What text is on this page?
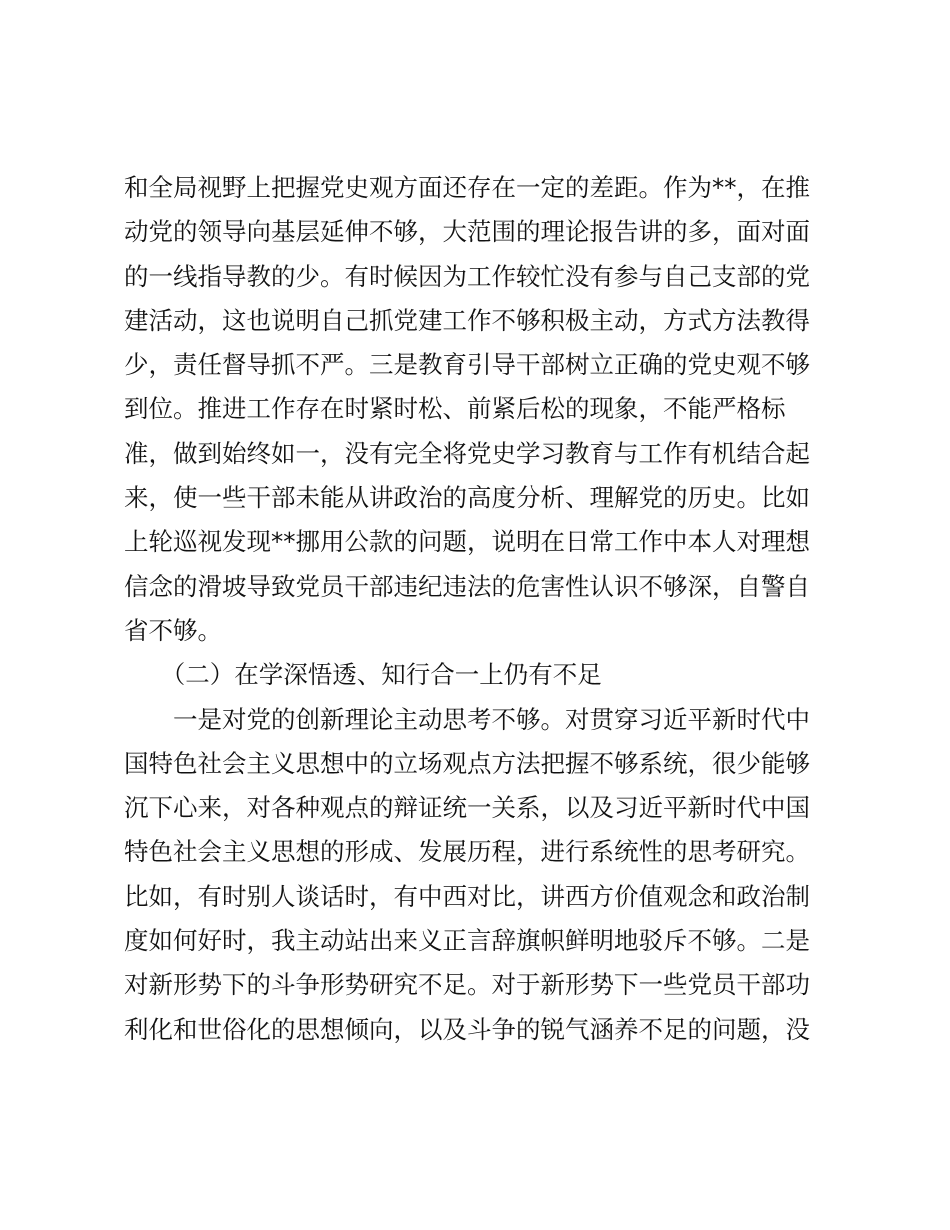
和全局视野上把握党史观方面还存在一定的差距。作为**，在推
动党的领导向基层延伸不够，大范围的理论报告讲的多，面对面
的一线指导教的少。有时候因为工作较忙没有参与自己支部的党
建活动，这也说明自己抓党建工作不够积极主动，方式方法教得
少，责任督导抓不严。三是教育引导干部树立正确的党史观不够
到位。推进工作存在时紧时松、前紧后松的现象，不能严格标
准，做到始终如一，没有完全将党史学习教育与工作有机结合起
来，使一些干部未能从讲政治的高度分析、理解党的历史。比如
上轮巡视发现**挪用公款的问题，说明在日常工作中本人对理想
信念的滑坡导致党员干部违纪违法的危害性认识不够深，自警自
省不够。
　　（二）在学深悟透、知行合一上仍有不足
　　一是对党的创新理论主动思考不够。对贯穿习近平新时代中
国特色社会主义思想中的立场观点方法把握不够系统，很少能够
沉下心来，对各种观点的辩证统一关系，以及习近平新时代中国
特色社会主义思想的形成、发展历程，进行系统性的思考研究。
比如，有时别人谈话时，有中西对比，讲西方价值观念和政治制
度如何好时，我主动站出来义正言辞旗帜鲜明地驳斥不够。二是
对新形势下的斗争形势研究不足。对于新形势下一些党员干部功
利化和世俗化的思想倾向，以及斗争的锐气涵养不足的问题，没
